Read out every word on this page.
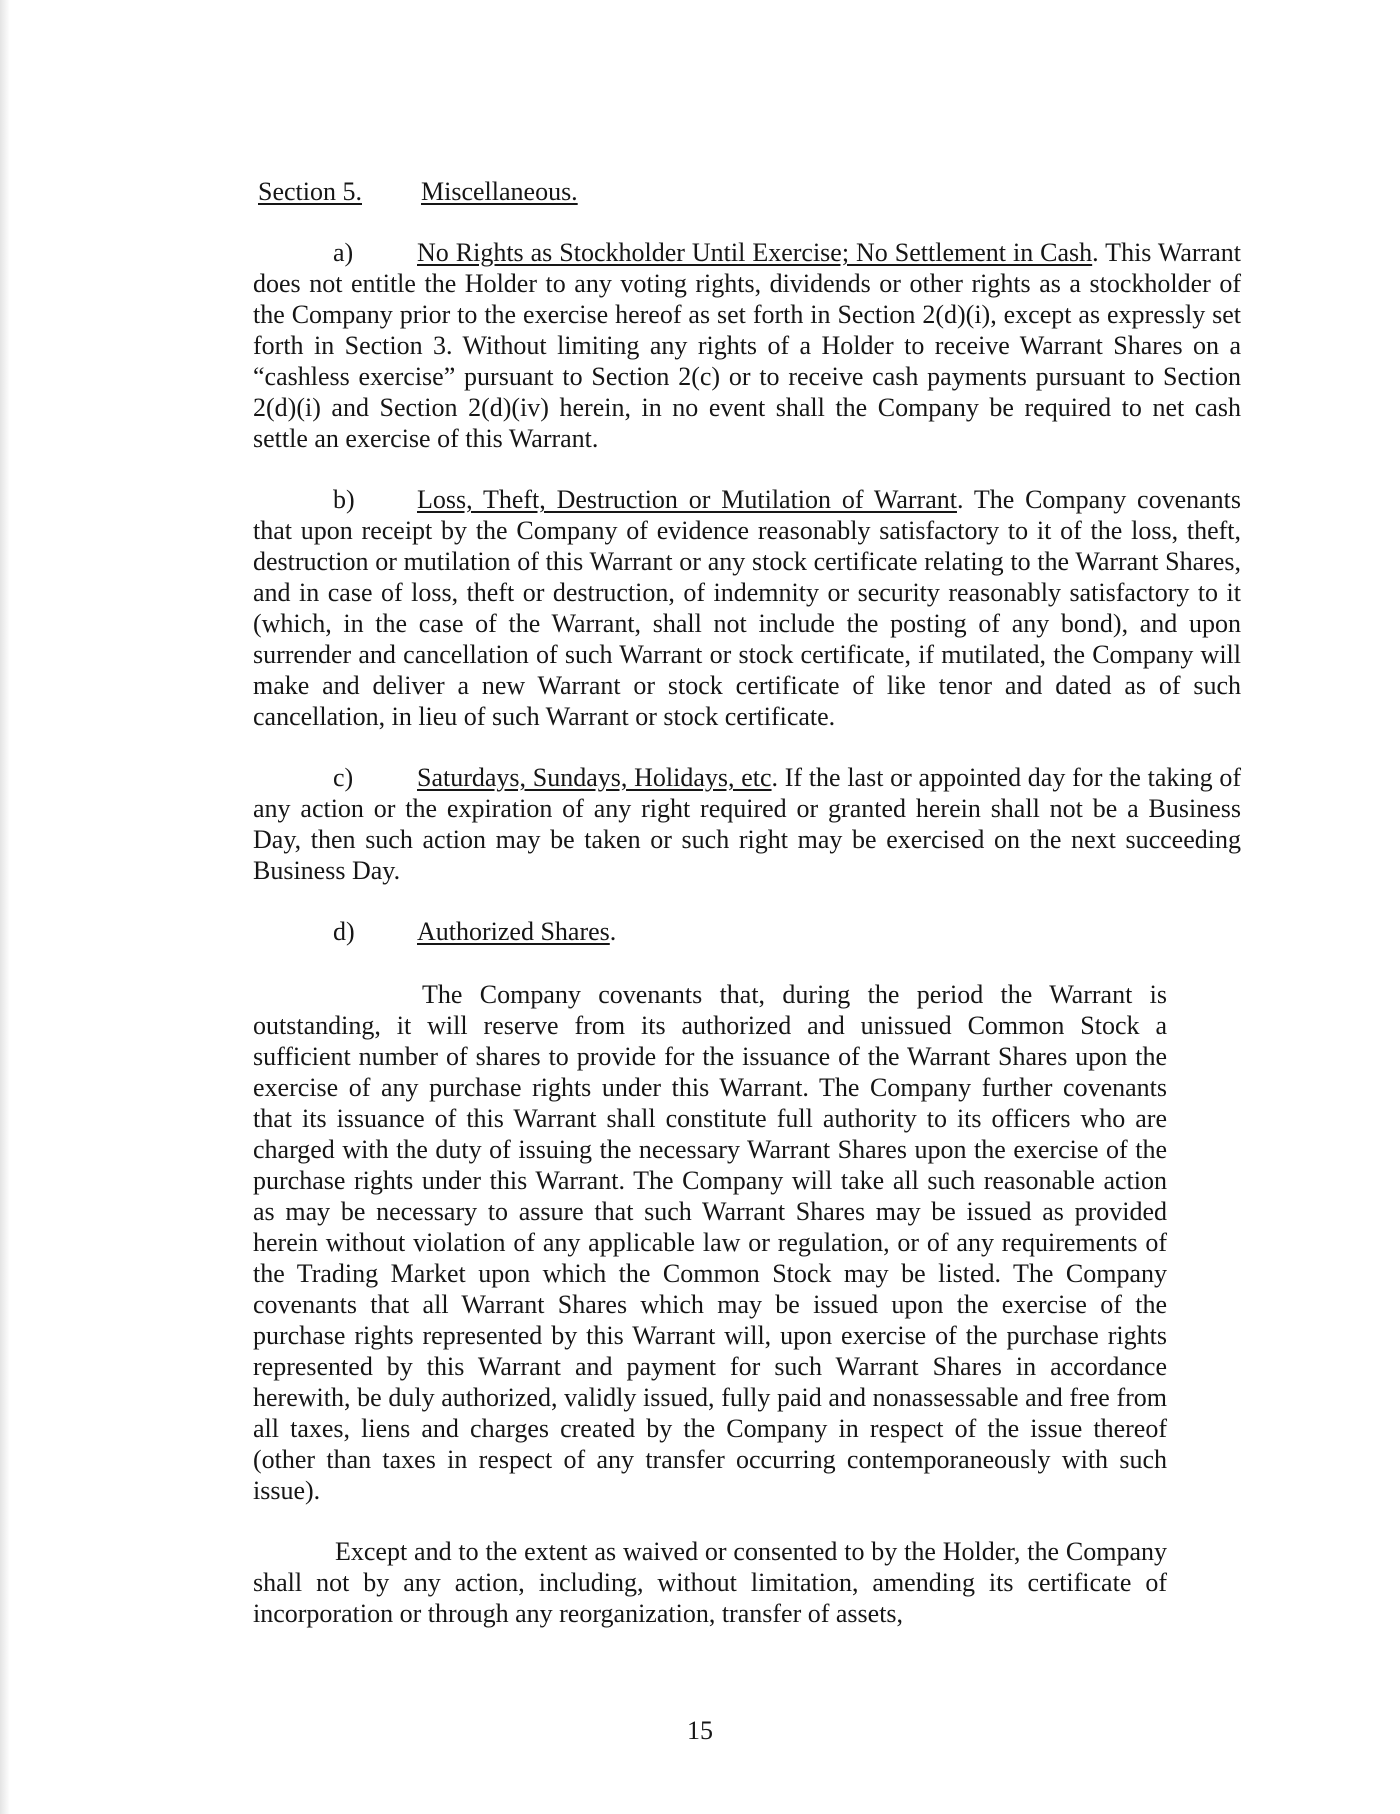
Section 5. Miscellaneous.

a) No Rights as Stockholder Until Exercise; No Settlement in Cash. This Warrant does not entitle the Holder to any voting rights, dividends or other rights as a stockholder of the Company prior to the exercise hereof as set forth in Section 2(d)(i), except as expressly set forth in Section 3. Without limiting any rights of a Holder to receive Warrant Shares on a “cashless exercise” pursuant to Section 2(c) or to receive cash payments pursuant to Section 2(d)(i) and Section 2(d)(iv) herein, in no event shall the Company be required to net cash settle an exercise of this Warrant.

b) Loss, Theft, Destruction or Mutilation of Warrant. The Company covenants that upon receipt by the Company of evidence reasonably satisfactory to it of the loss, theft, destruction or mutilation of this Warrant or any stock certificate relating to the Warrant Shares, and in case of loss, theft or destruction, of indemnity or security reasonably satisfactory to it (which, in the case of the Warrant, shall not include the posting of any bond), and upon surrender and cancellation of such Warrant or stock certificate, if mutilated, the Company will make and deliver a new Warrant or stock certificate of like tenor and dated as of such cancellation, in lieu of such Warrant or stock certificate.

c) Saturdays, Sundays, Holidays, etc. If the last or appointed day for the taking of any action or the expiration of any right required or granted herein shall not be a Business Day, then such action may be taken or such right may be exercised on the next succeeding Business Day.

d) Authorized Shares.

The Company covenants that, during the period the Warrant is outstanding, it will reserve from its authorized and unissued Common Stock a sufficient number of shares to provide for the issuance of the Warrant Shares upon the exercise of any purchase rights under this Warrant. The Company further covenants that its issuance of this Warrant shall constitute full authority to its officers who are charged with the duty of issuing the necessary Warrant Shares upon the exercise of the purchase rights under this Warrant. The Company will take all such reasonable action as may be necessary to assure that such Warrant Shares may be issued as provided herein without violation of any applicable law or regulation, or of any requirements of the Trading Market upon which the Common Stock may be listed. The Company covenants that all Warrant Shares which may be issued upon the exercise of the purchase rights represented by this Warrant will, upon exercise of the purchase rights represented by this Warrant and payment for such Warrant Shares in accordance herewith, be duly authorized, validly issued, fully paid and nonassessable and free from all taxes, liens and charges created by the Company in respect of the issue thereof (other than taxes in respect of any transfer occurring contemporaneously with such issue).

Except and to the extent as waived or consented to by the Holder, the Company shall not by any action, including, without limitation, amending its certificate of incorporation or through any reorganization, transfer of assets,

15
